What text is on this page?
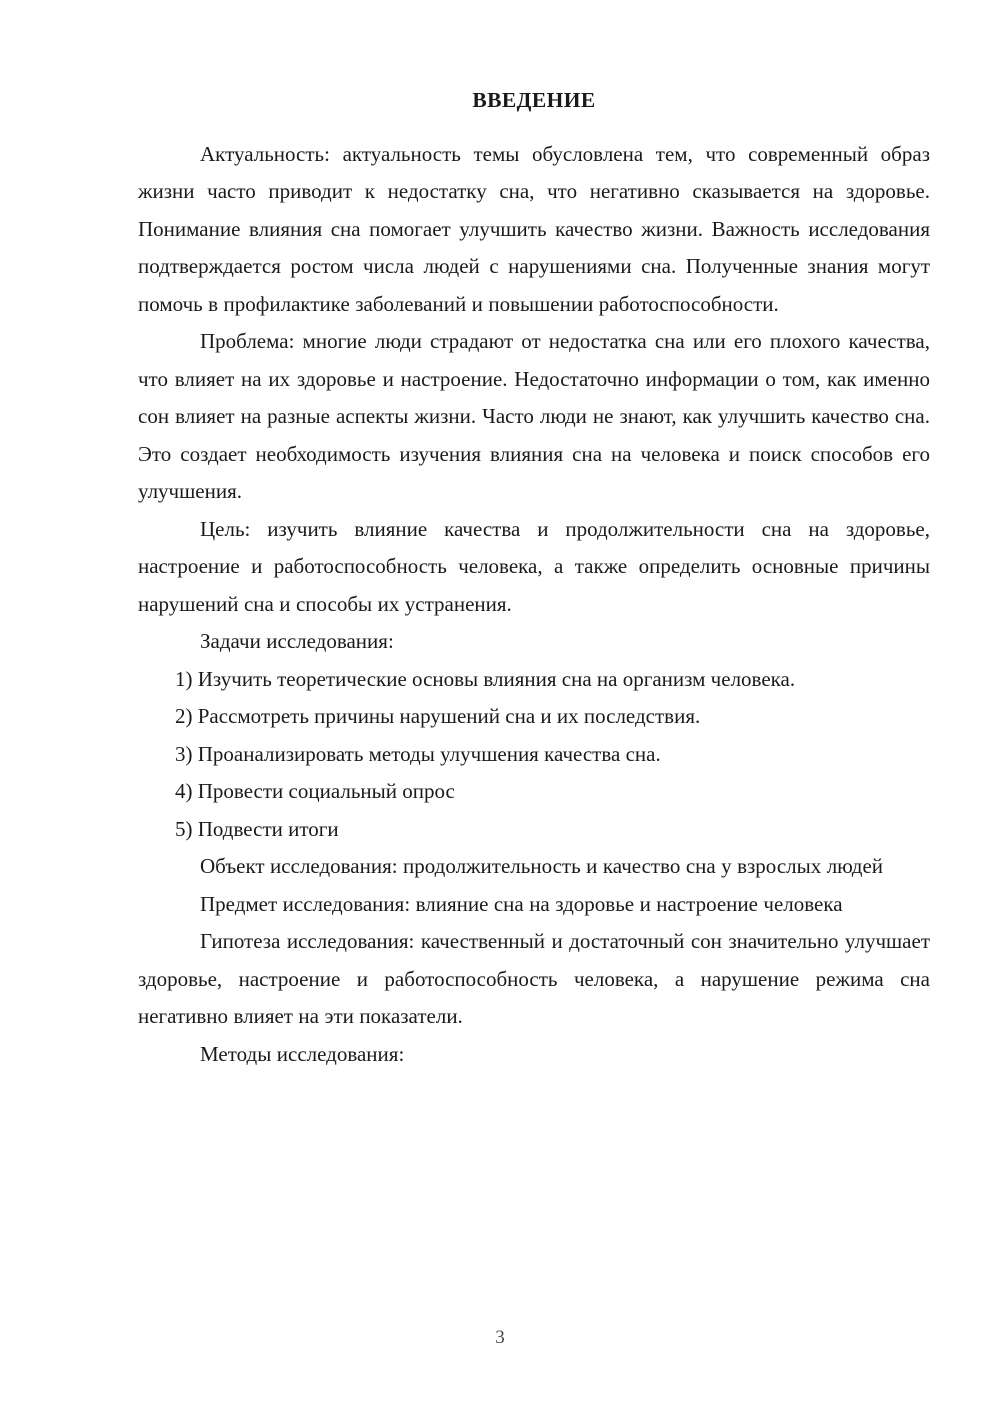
ВВЕДЕНИЕ

Актуальность: актуальность темы обусловлена тем, что современный образ жизни часто приводит к недостатку сна, что негативно сказывается на здоровье. Понимание влияния сна помогает улучшить качество жизни. Важность исследования подтверждается ростом числа людей с нарушениями сна. Полученные знания могут помочь в профилактике заболеваний и повышении работоспособности.

Проблема: многие люди страдают от недостатка сна или его плохого качества, что влияет на их здоровье и настроение. Недостаточно информации о том, как именно сон влияет на разные аспекты жизни. Часто люди не знают, как улучшить качество сна. Это создает необходимость изучения влияния сна на человека и поиск способов его улучшения.

Цель: изучить влияние качества и продолжительности сна на здоровье, настроение и работоспособность человека, а также определить основные причины нарушений сна и способы их устранения.

Задачи исследования:

1) Изучить теоретические основы влияния сна на организм человека.
2) Рассмотреть причины нарушений сна и их последствия.
3) Проанализировать методы улучшения качества сна.
4) Провести социальный опрос
5) Подвести итоги

Объект исследования: продолжительность и качество сна у взрослых людей

Предмет исследования: влияние сна на здоровье и настроение человека

Гипотеза исследования: качественный и достаточный сон значительно улучшает здоровье, настроение и работоспособность человека, а нарушение режима сна негативно влияет на эти показатели.

Методы исследования:

3
